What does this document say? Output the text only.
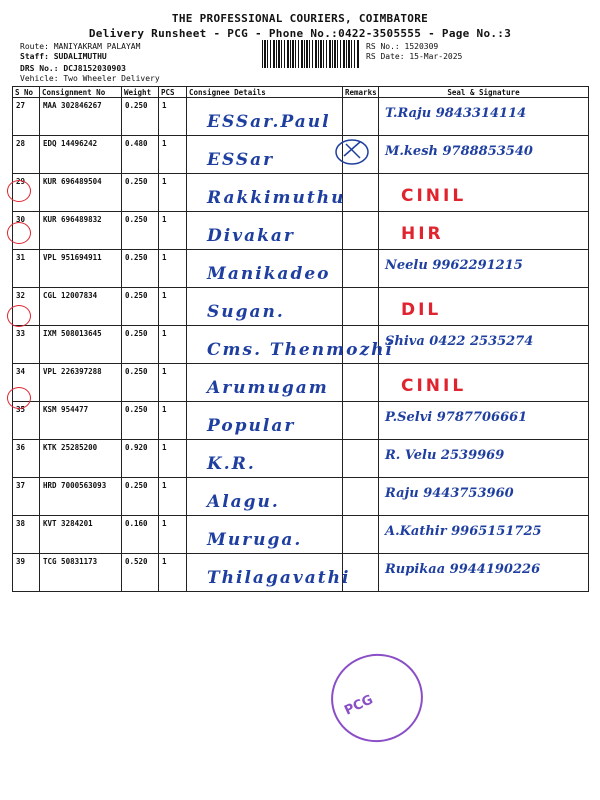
THE PROFESSIONAL COURIERS, COIMBATORE
Delivery Runsheet - PCG - Phone No.:0422-3505555 - Page No.:3
Route: MANIYAKRAM PALAYAM
Staff: SUDALIMUTHU
DRS No.: DCJ8152030903
Vehicle: Two Wheeler Delivery
RS No.: 1520309
RS Date: 15-Mar-2025
S No	Consignment No	Weight	PCS	Consignee Details	Remarks	Seal & Signature
27	MAA 302846267	0.250	1	ESSar.Paul		T.Raju 9843314114

28	EDQ 14496242	0.480	1	ESSar		M.kesh 9788853540

29	KUR 696489504	0.250	1	Rakkimuthu		CINIL

30	KUR 696489832	0.250	1	Divakar		HIR

31	VPL 951694911	0.250	1	Manikadeo		Neelu 9962291215

32	CGL 12007834	0.250	1	Sugan.		DIL

33	IXM 508013645	0.250	1	Cms. Thenmozhi		Shiva 0422 2535274

34	VPL 226397288	0.250	1	Arumugam		CINIL

35	KSM 954477	0.250	1	Popular		P.Selvi 9787706661

36	KTK 25285200	0.920	1	K.R.		R. Velu 2539969

37	HRD 7000563093	0.250	1	Alagu.		Raju 9443753960

38	KVT 3284201	0.160	1	Muruga.		A.Kathir 9965151725

39	TCG 50831173	0.520	1	Thilagavathi		Rupikaa 9944190226
PCG
